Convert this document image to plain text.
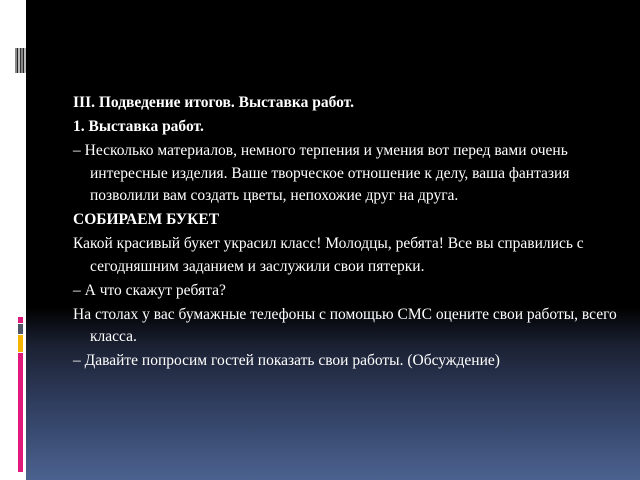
III. Подведение итогов. Выставка работ.

1. Выставка работ.

– Несколько материалов, немного терпения и умения вот перед вами очень интересные изделия. Ваше творческое отношение к делу, ваша фантазия позволили вам создать цветы, непохожие друг на друга.

СОБИРАЕМ БУКЕТ

Какой красивый букет украсил класс! Молодцы, ребята! Все вы справились с сегодняшним заданием и заслужили свои пятерки.

– А что скажут ребята?

На столах у вас бумажные телефоны с помощью СМС оцените свои работы, всего класса.

– Давайте попросим гостей показать свои работы. (Обсуждение)
